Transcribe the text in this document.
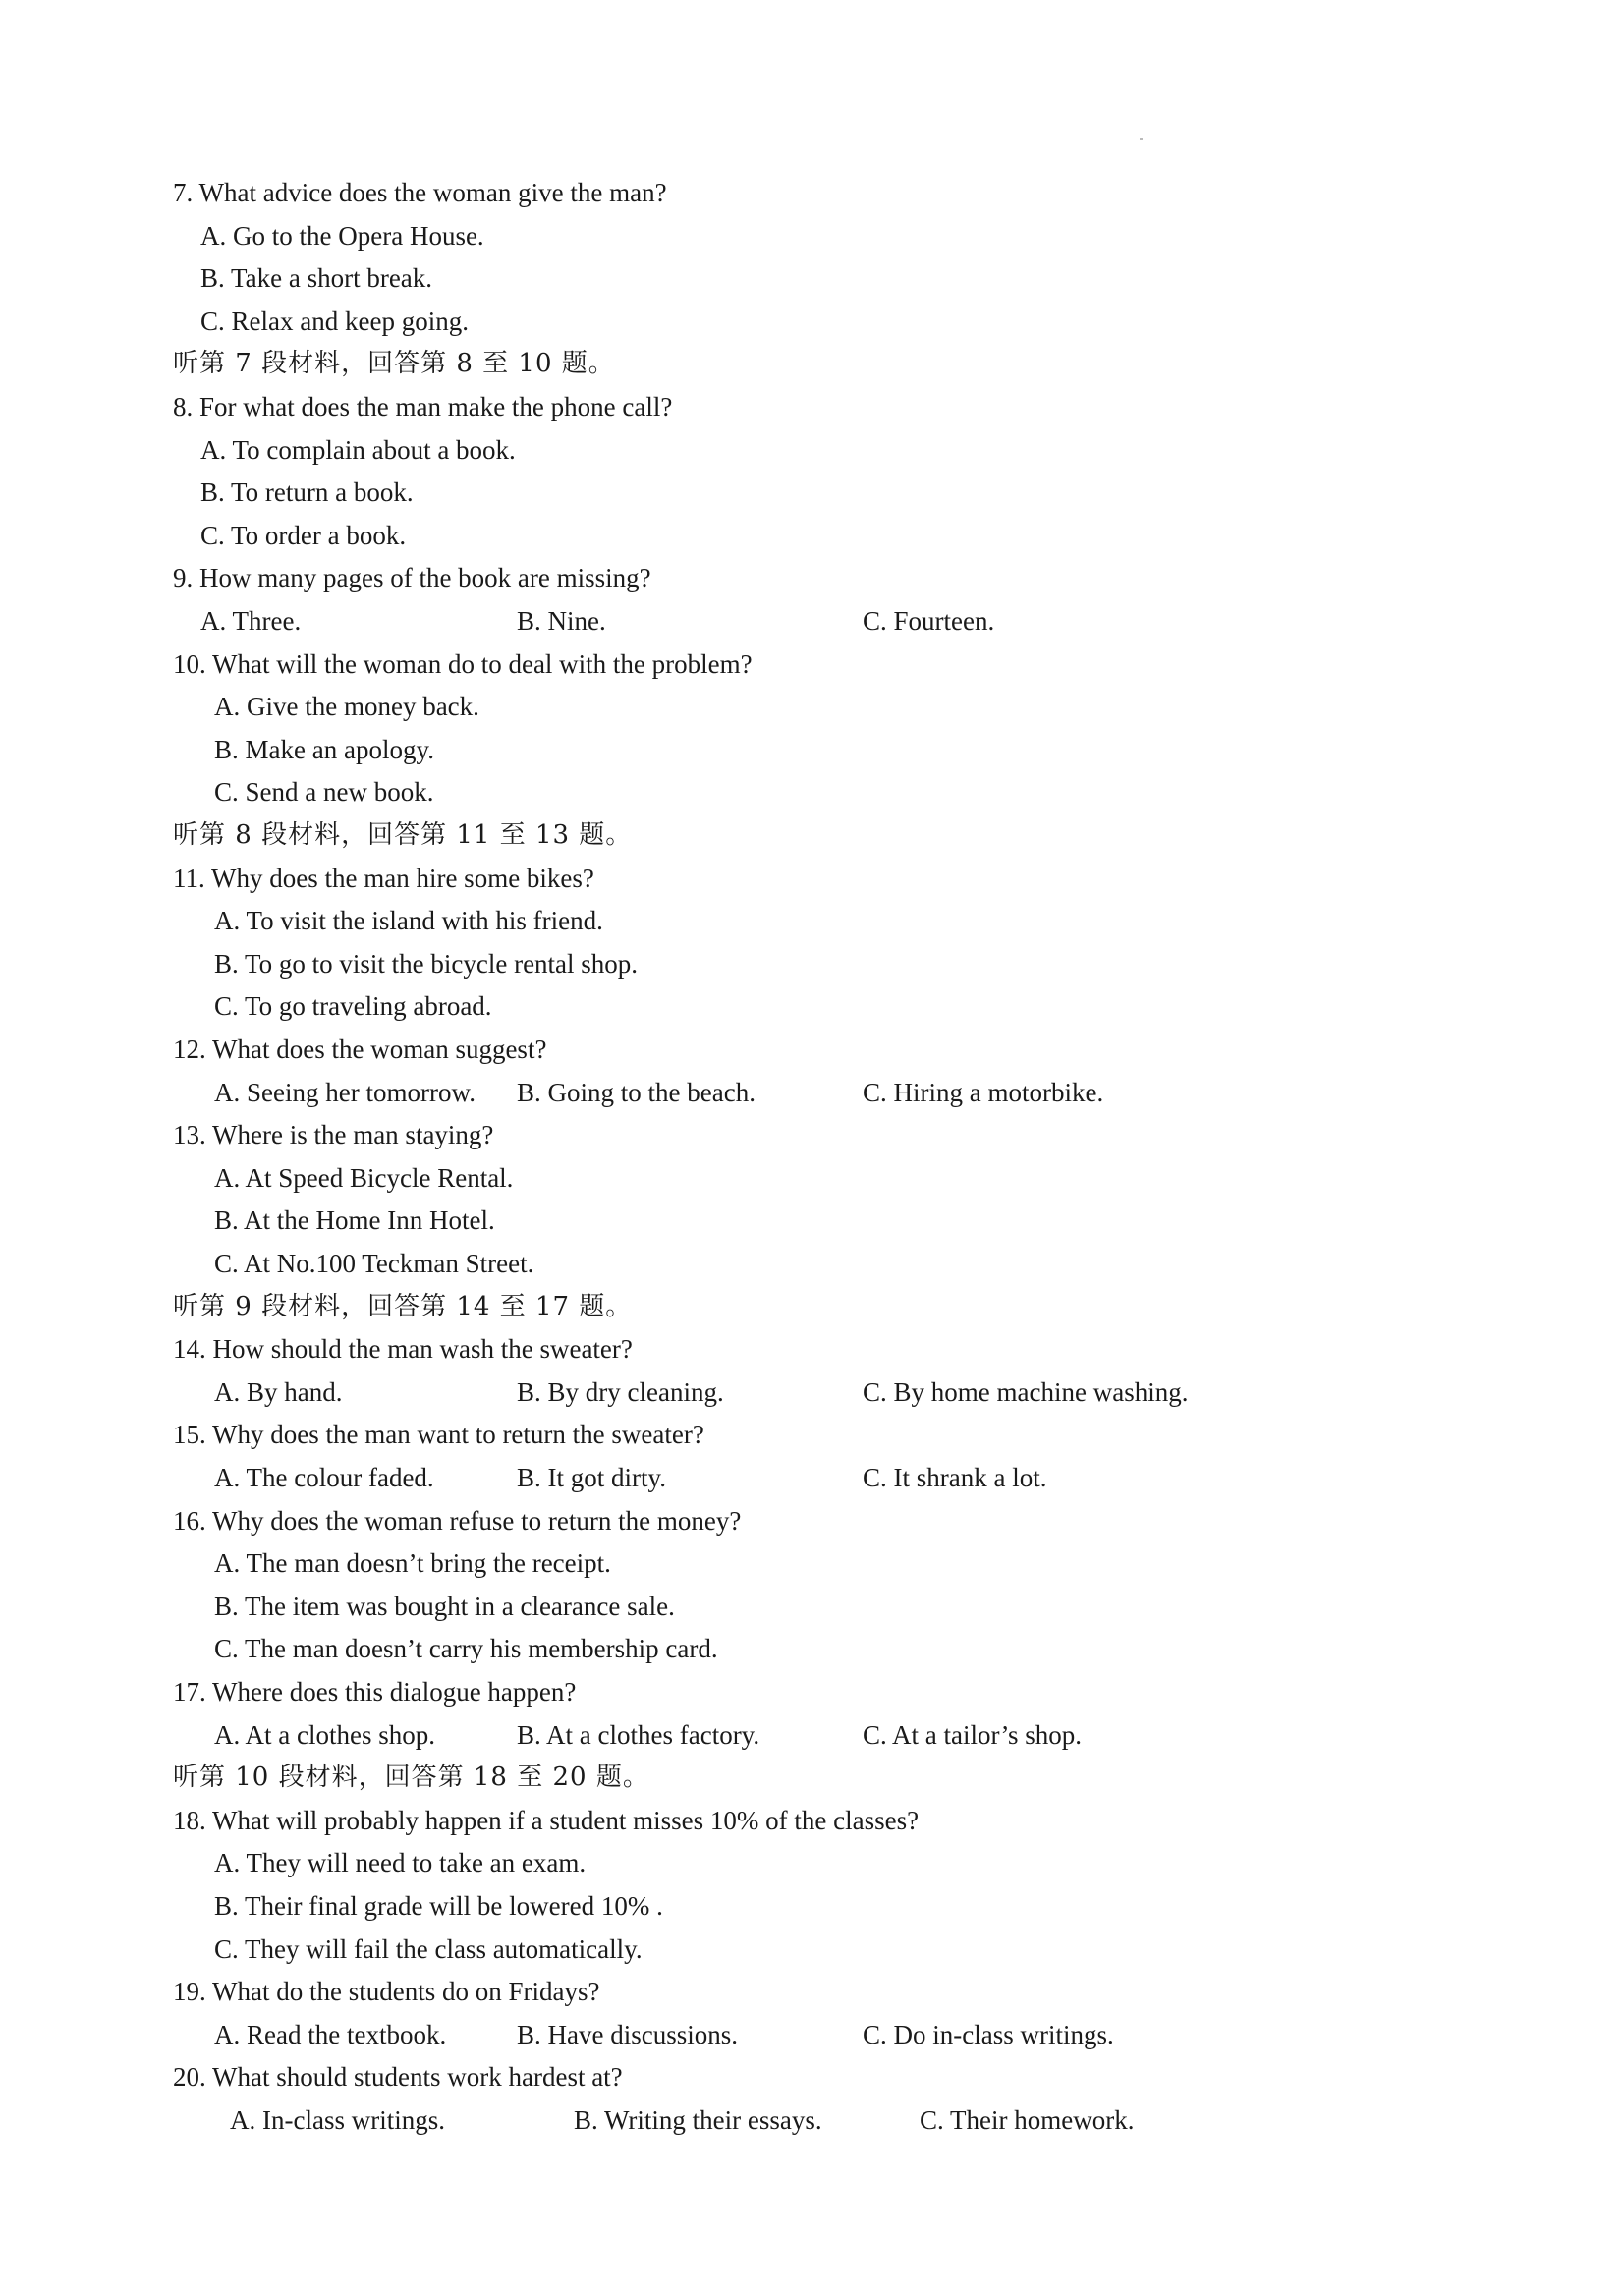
7. What advice does the woman give the man?
A. Go to the Opera House.
B. Take a short break.
C. Relax and keep going.
听第 7 段材料，回答第 8 至 10 题。
8. For what does the man make the phone call?
A. To complain about a book.
B. To return a book.
C. To order a book.
9. How many pages of the book are missing?
A. Three.	B. Nine.	C. Fourteen.
10. What will the woman do to deal with the problem?
A. Give the money back.
B. Make an apology.
C. Send a new book.
听第 8 段材料，回答第 11 至 13 题。
11. Why does the man hire some bikes?
A. To visit the island with his friend.
B. To go to visit the bicycle rental shop.
C. To go traveling abroad.
12. What does the woman suggest?
A. Seeing her tomorrow. B. Going to the beach.	C. Hiring a motorbike.
13. Where is the man staying?
A. At Speed Bicycle Rental.
B. At the Home Inn Hotel.
C. At No.100 Teckman Street.
听第 9 段材料，回答第 14 至 17 题。
14. How should the man wash the sweater?
A. By hand.	B. By dry cleaning.	C. By home machine washing.
15. Why does the man want to return the sweater?
A. The colour faded.	B. It got dirty.	C. It shrank a lot.
16. Why does the woman refuse to return the money?
A. The man doesn’t bring the receipt.
B. The item was bought in a clearance sale.
C. The man doesn’t carry his membership card.
17. Where does this dialogue happen?
A. At a clothes shop.	B. At a clothes factory.	C. At a tailor’s shop.
听第 10 段材料，回答第 18 至 20 题。
18. What will probably happen if a student misses 10% of the classes?
A. They will need to take an exam.
B. Their final grade will be lowered 10% .
C. They will fail the class automatically.
19. What do the students do on Fridays?
A. Read the textbook.	B. Have discussions.	C. Do in-class writings.
20. What should students work hardest at?
A. In-class writings.	B. Writing their essays.	C. Their homework.
